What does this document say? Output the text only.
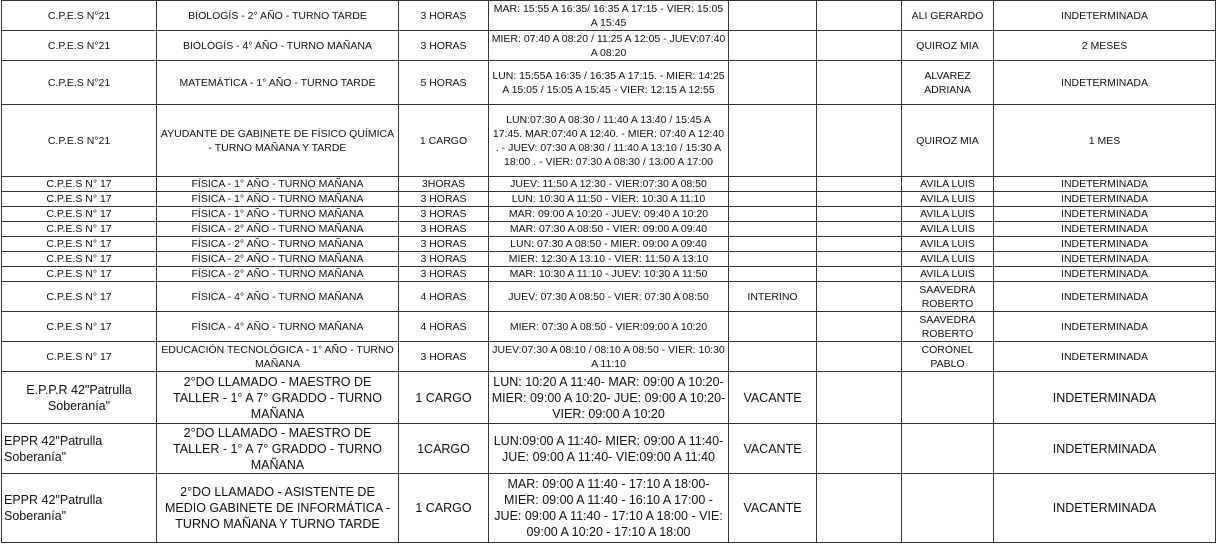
C.P.E.S N°21	BIOLOGÍS - 2° AÑO - TURNO TARDE	3 HORAS	MAR: 15:55 A 16:35/ 16:35 A 17:15 - VIER: 15:05 A 15:45			ALI GERARDO	INDETERMINADA
C.P.E.S N°21	BIOLOGÍS - 4° AÑO - TURNO MAÑANA	3 HORAS	MIER: 07:40 A 08:20 / 11:25 A 12:05 - JUEV:07:40 A 08:20			QUIROZ MIA	2 MESES
C.P.E.S N°21	MATEMÁTICA - 1° AÑO - TURNO TARDE	5 HORAS	LUN: 15:55A 16:35 / 16:35 A 17:15. - MIER: 14:25 A 15:05 / 15:05 A 15:45 - VIER: 12:15 A 12:55			ALVAREZ ADRIANA	INDETERMINADA
C.P.E.S N°21	AYUDANTE DE GABINETE DE FÍSICO QUÍMICA - TURNO MAÑANA Y TARDE	1 CARGO	LUN:07:30 A 08:30 / 11:40 A 13:40 / 15:45 A 17:45. MAR:07:40 A 12:40. - MIER: 07:40 A 12:40 . - JUEV: 07:30 A 08:30 / 11:40 A 13:10 / 15:30 A 18:00 . - VIER: 07:30 A 08:30 / 13:00 A 17:00			QUIROZ MIA	1 MES
C.P.E.S N° 17	FÍSICA - 1° AÑO - TURNO MAÑANA	3HORAS	JUEV: 11:50 A 12:30 - VIER:07:30 A 08:50			AVILA LUIS	INDETERMINADA
C.P.E.S N° 17	FÍSICA - 1° AÑO - TURNO MAÑANA	3 HORAS	LUN: 10:30 A 11:50 - VIER: 10:30 A 11:10			AVILA LUIS	INDETERMINADA
C.P.E.S N° 17	FÍSICA - 1° AÑO - TURNO MAÑANA	3 HORAS	MAR: 09:00 A 10:20 - JUEV: 09:40 A 10:20			AVILA LUIS	INDETERMINADA
C.P.E.S N° 17	FÍSICA - 2° AÑO - TURNO MAÑANA	3 HORAS	MAR: 07:30 A 08:50 - VIER: 09:00 A 09:40			AVILA LUIS	INDETERMINADA
C.P.E.S N° 17	FÍSICA - 2° AÑO - TURNO MAÑANA	3 HORAS	LUN: 07:30 A 08:50 - MIER: 09:00 A 09:40			AVILA LUIS	INDETERMINADA
C.P.E.S N° 17	FÍSICA - 2° AÑO - TURNO MAÑANA	3 HORAS	MIER: 12:30 A 13:10 - VIER: 11:50 A 13:10			AVILA LUIS	INDETERMINADA
C.P.E.S N° 17	FÍSICA - 2° AÑO - TURNO MAÑANA	3 HORAS	MAR: 10:30 A 11:10 - JUEV: 10:30 A 11:50			AVILA LUIS	INDETERMINADA
C.P.E.S N° 17	FÍSICA - 4° AÑO - TURNO MAÑANA	4 HORAS	JUEV: 07:30 A 08:50 - VIER: 07:30 A 08:50	INTERINO		SAAVEDRA ROBERTO	INDETERMINADA
C.P.E.S N° 17	FÍSICA - 4° AÑO - TURNO MAÑANA	4 HORAS	MIER: 07:30 A 08:50 - VIER:09:00 A 10:20			SAAVEDRA ROBERTO	INDETERMINADA
C.P.E.S N° 17	EDUCACIÓN TECNOLÓGICA - 1° AÑO - TURNO MAÑANA	3 HORAS	JUEV:07:30 A 08:10 / 08:10 A 08:50 - VIER: 10:30 A 11:10			CORONEL PABLO	INDETERMINADA
E.P.P.R 42"Patrulla Soberanía"	2°DO LLAMADO - MAESTRO DE TALLER - 1° A 7° GRADDO - TURNO MAÑANA	1 CARGO	LUN: 10:20 A 11:40- MAR: 09:00 A 10:20- MIER: 09:00 A 10:20- JUE: 09:00 A 10:20- VIER: 09:00 A 10:20	VACANTE			INDETERMINADA
EPPR 42"Patrulla Soberanía"	2°DO LLAMADO - MAESTRO DE TALLER - 1° A 7° GRADDO - TURNO MAÑANA	1CARGO	LUN:09:00 A 11:40- MIER: 09:00 A 11:40- JUE: 09:00 A 11:40- VIE:09:00 A 11:40	VACANTE			INDETERMINADA
EPPR 42"Patrulla Soberanía"	2°DO LLAMADO - ASISTENTE DE MEDIO GABINETE DE INFORMÁTICA - TURNO MAÑANA Y TURNO TARDE	1 CARGO	MAR: 09:00 A 11:40 - 17:10 A 18:00- MIER: 09:00 A 11:40 - 16:10 A 17:00 - JUE: 09:00 A 11:40 - 17:10 A 18:00 - VIE: 09:00 A 10:20 - 17:10 A 18:00	VACANTE			INDETERMINADA
